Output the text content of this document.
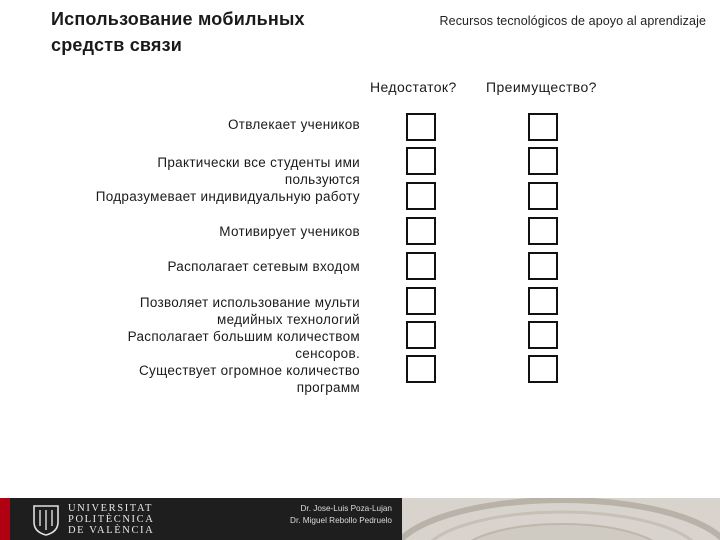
Использование мобильных
средств связи
Recursos tecnológicos de apoyo al aprendizaje
Недостаток? Преимущество?
Отвлекает учеников
Практически все студенты ими
пользуются
Подразумевает индивидуальную работу
Мотивирует учеников
Располагает сетевым входом
Позволяет использование мульти
медийных технологий
Располагает большим количеством
сенсоров.
Существует огромное количество
программ
UNIVERSITAT
POLITÈCNICA
DE VALÈNCIA
Dr. Jose-Luis Poza-Lujan
Dr. Miguel Rebollo Pedruelo
